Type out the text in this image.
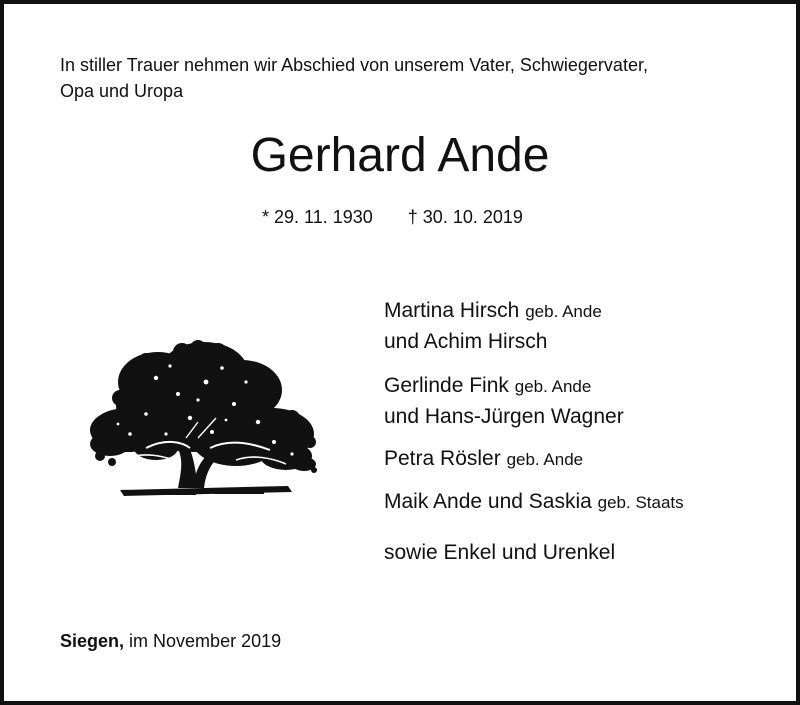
In stiller Trauer nehmen wir Abschied von unserem Vater, Schwiegervater,
Opa und Uropa
Gerhard Ande
* 29. 11. 1930 † 30. 10. 2019
Martina Hirsch geb. Ande
und Achim Hirsch
Gerlinde Fink geb. Ande
und Hans-Jürgen Wagner
Petra Rösler geb. Ande
Maik Ande und Saskia geb. Staats
sowie Enkel und Urenkel
Siegen, im November 2019
